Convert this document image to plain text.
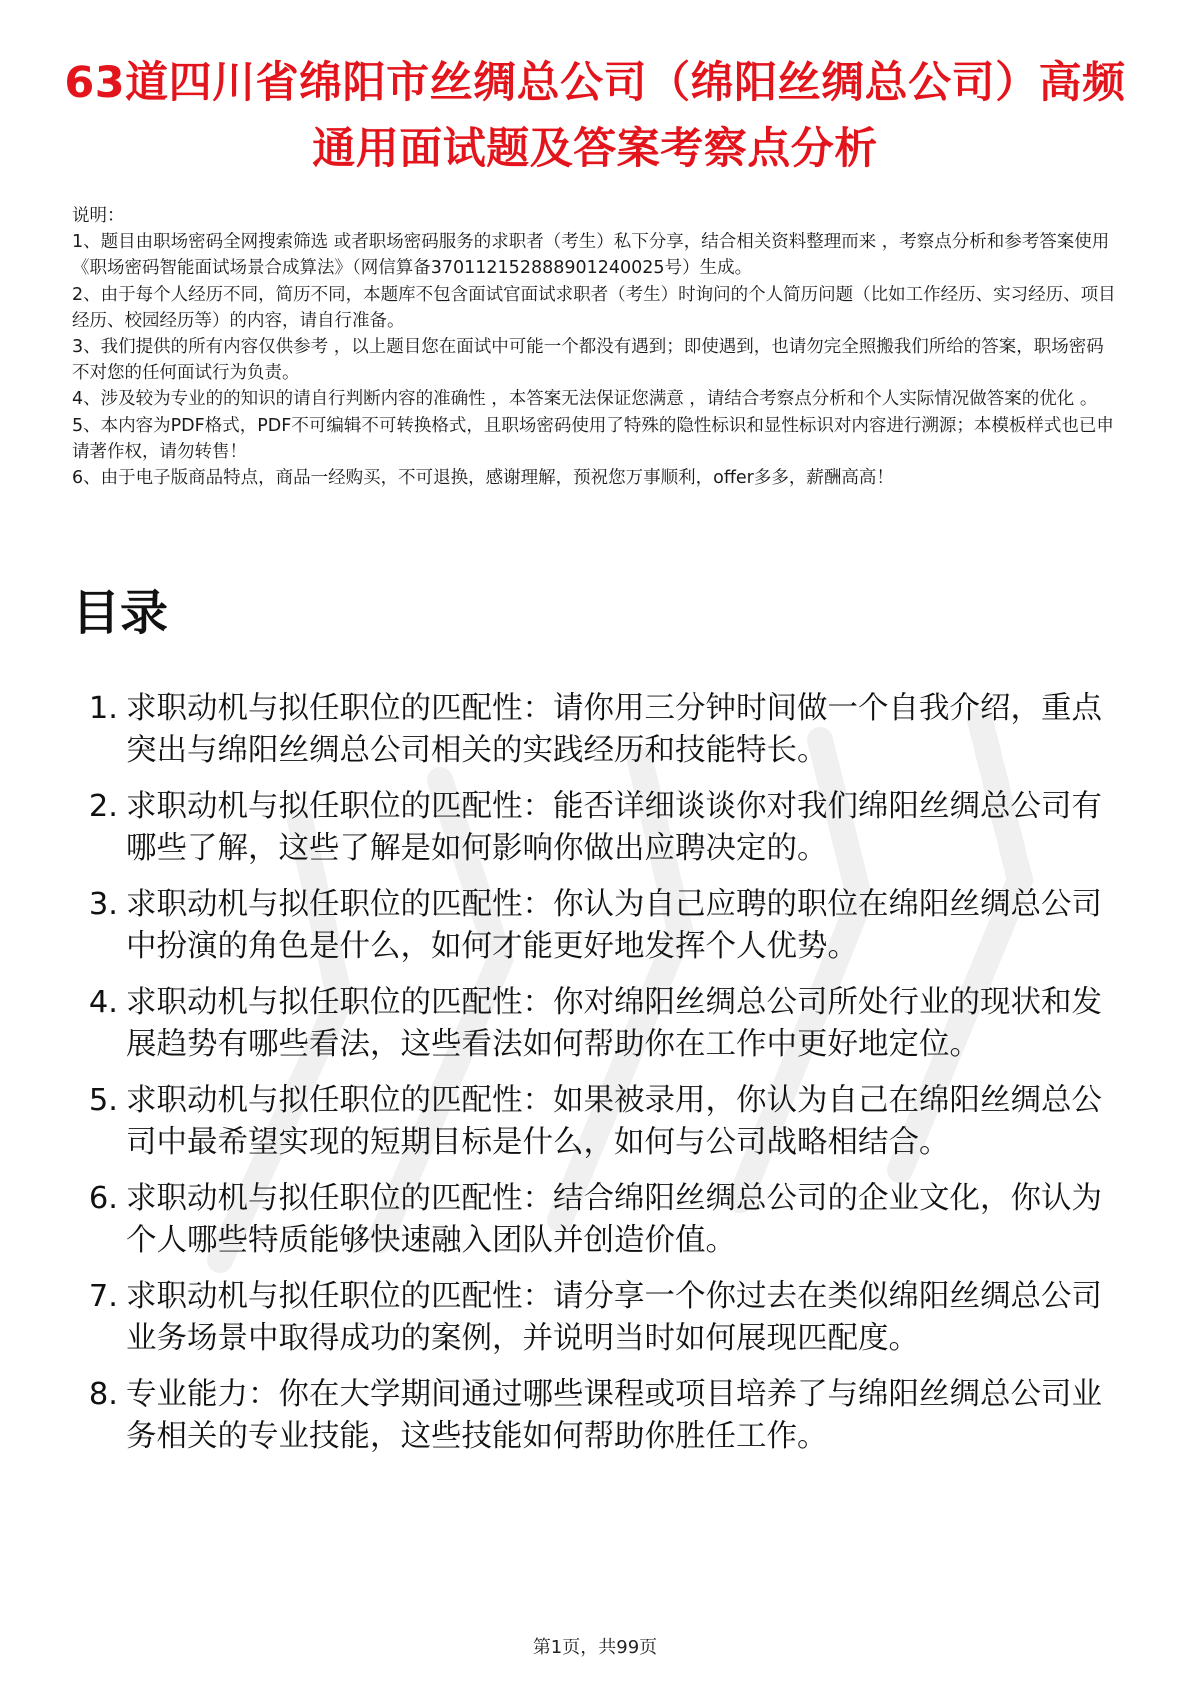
63道四川省绵阳市丝绸总公司（绵阳丝绸总公司）高频通用面试题及答案考察点分析

说明：

1、题目由职场密码全网搜索筛选 或者职场密码服务的求职者（考生）私下分享，结合相关资料整理而来 ，考察点分析和参考答案使用《职场密码智能面试场景合成算法》（网信算备370112152888901240025号）生成。

2、由于每个人经历不同，简历不同，本题库不包含面试官面试求职者（考生）时询问的个人简历问题（比如工作经历、实习经历、项目经历、校园经历等）的内容，请自行准备。

3、我们提供的所有内容仅供参考 ，以上题目您在面试中可能一个都没有遇到；即使遇到，也请勿完全照搬我们所给的答案，职场密码不对您的任何面试行为负责。

4、涉及较为专业的的知识的请自行判断内容的准确性 ，本答案无法保证您满意 ，请结合考察点分析和个人实际情况做答案的优化 。

5、本内容为PDF格式，PDF不可编辑不可转换格式，且职场密码使用了特殊的隐性标识和显性标识对内容进行溯源；本模板样式也已申请著作权，请勿转售！

6、由于电子版商品特点，商品一经购买，不可退换，感谢理解，预祝您万事顺利，offer多多，薪酬高高！

目录
1. 求职动机与拟任职位的匹配性：请你用三分钟时间做一个自我介绍，重点突出与绵阳丝绸总公司相关的实践经历和技能特长。
2. 求职动机与拟任职位的匹配性：能否详细谈谈你对我们绵阳丝绸总公司有哪些了解，这些了解是如何影响你做出应聘决定的。
3. 求职动机与拟任职位的匹配性：你认为自己应聘的职位在绵阳丝绸总公司中扮演的角色是什么，如何才能更好地发挥个人优势。
4. 求职动机与拟任职位的匹配性：你对绵阳丝绸总公司所处行业的现状和发展趋势有哪些看法，这些看法如何帮助你在工作中更好地定位。
5. 求职动机与拟任职位的匹配性：如果被录用，你认为自己在绵阳丝绸总公司中最希望实现的短期目标是什么，如何与公司战略相结合。
6. 求职动机与拟任职位的匹配性：结合绵阳丝绸总公司的企业文化，你认为个人哪些特质能够快速融入团队并创造价值。
7. 求职动机与拟任职位的匹配性：请分享一个你过去在类似绵阳丝绸总公司业务场景中取得成功的案例，并说明当时如何展现匹配度。
8. 专业能力：你在大学期间通过哪些课程或项目培养了与绵阳丝绸总公司业务相关的专业技能，这些技能如何帮助你胜任工作。
第1页，共99页
